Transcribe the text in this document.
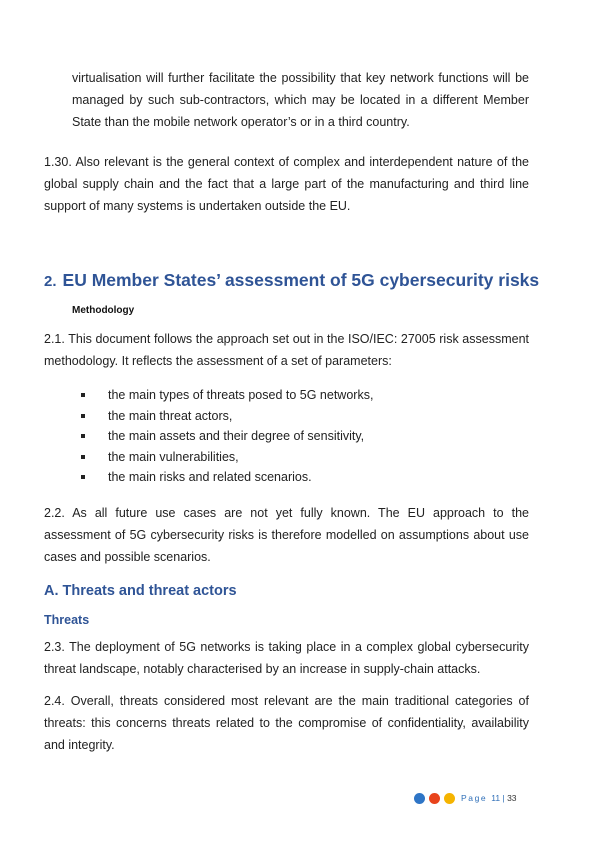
virtualisation will further facilitate the possibility that key network functions will be managed by such sub-contractors, which may be located in a different Member State than the mobile network operator’s or in a third country.

1.30. Also relevant is the general context of complex and interdependent nature of the global supply chain and the fact that a large part of the manufacturing and third line support of many systems is undertaken outside the EU.

2. EU Member States’ assessment of 5G cybersecurity risks

Methodology

2.1. This document follows the approach set out in the ISO/IEC: 27005 risk assessment methodology. It reflects the assessment of a set of parameters:

the main types of threats posed to 5G networks,
the main threat actors,
the main assets and their degree of sensitivity,
the main vulnerabilities,
the main risks and related scenarios.

2.2. As all future use cases are not yet fully known. The EU approach to the assessment of 5G cybersecurity risks is therefore modelled on assumptions about use cases and possible scenarios.

A. Threats and threat actors
Threats

2.3. The deployment of 5G networks is taking place in a complex global cybersecurity threat landscape, notably characterised by an increase in supply-chain attacks.

2.4. Overall, threats considered most relevant are the main traditional categories of threats: this concerns threats related to the compromise of confidentiality, availability and integrity.

Page 11 | 33
